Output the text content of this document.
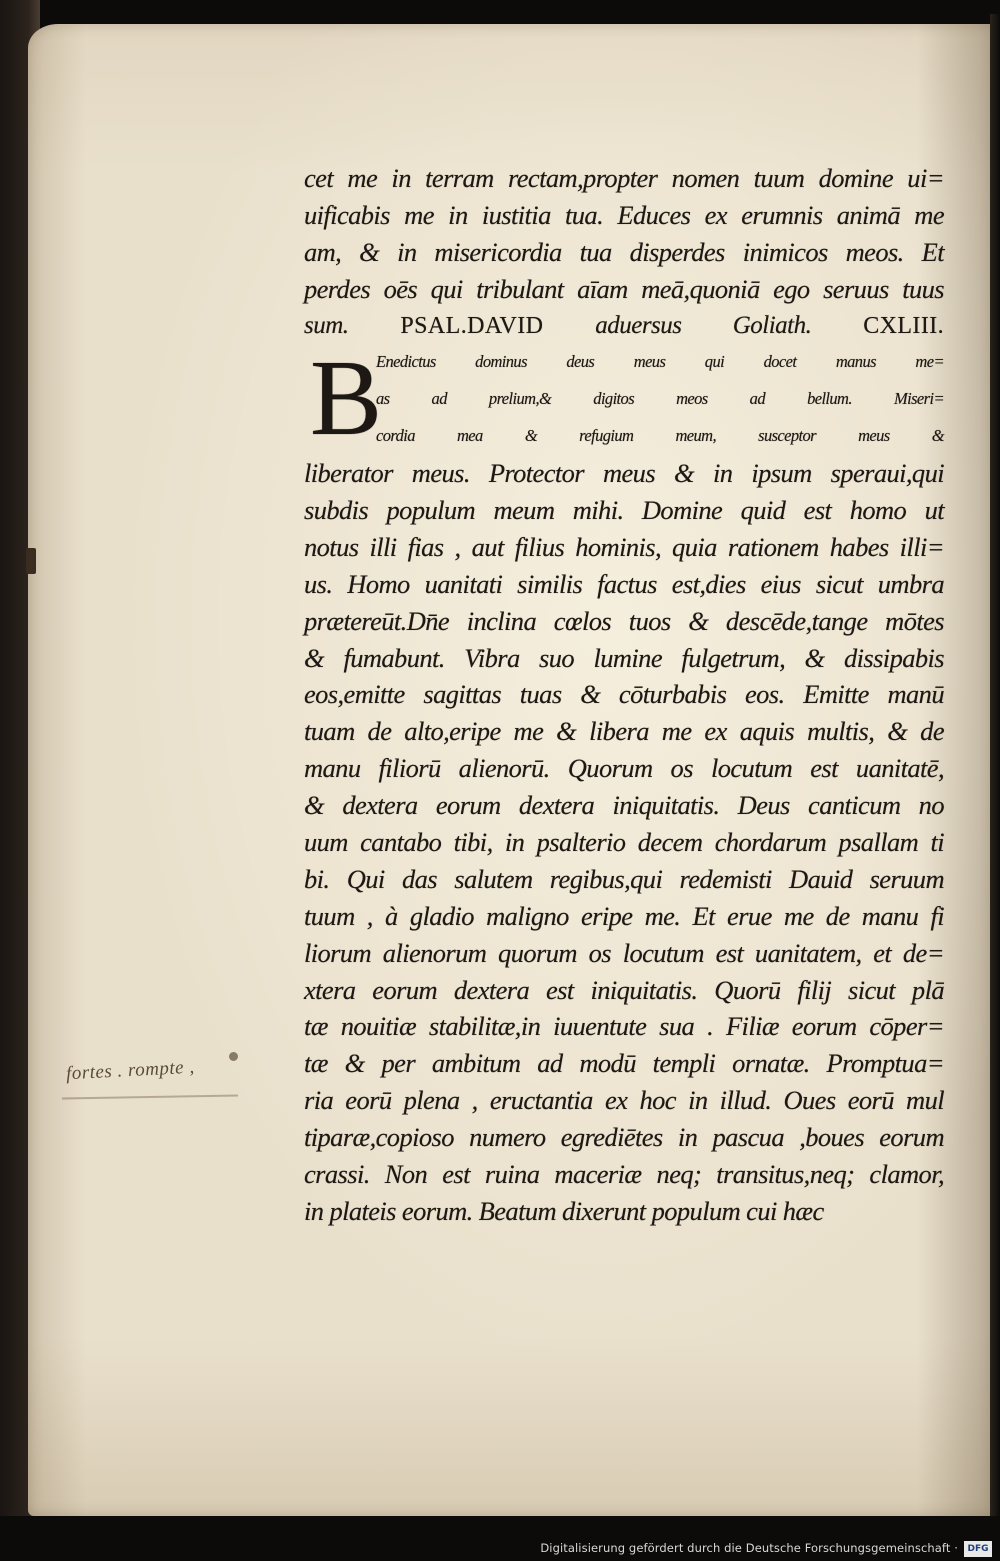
cet me in terram rectam,propter nomen tuum domine ui=
uificabis me in iustitia tua. Educes ex erumnis animā me
am, & in misericordia tua disperdes inimicos meos. Et
perdes oēs qui tribulant aīam meā,quoniā ego seruus tuus
sum. PSAL.DAVID aduersus Goliath. CXLIII.
B
Enedictus dominus deus meus qui docet manus me=
as ad prelium,& digitos meos ad bellum. Miseri=
cordia mea & refugium meum, susceptor meus &
liberator meus. Protector meus & in ipsum speraui,qui
subdis populum meum mihi. Domine quid est homo ut
notus illi fias , aut filius hominis, quia rationem habes illi=
us. Homo uanitati similis factus est,dies eius sicut umbra
prætereūt.Dn̄e inclina cœlos tuos & descēde,tange mōtes
& fumabunt. Vibra suo lumine fulgetrum, & dissipabis
eos,emitte sagittas tuas & cōturbabis eos. Emitte manū
tuam de alto,eripe me & libera me ex aquis multis, & de
manu filiorū alienorū. Quorum os locutum est uanitatē,
& dextera eorum dextera iniquitatis. Deus canticum no
uum cantabo tibi, in psalterio decem chordarum psallam ti
bi. Qui das salutem regibus,qui redemisti Dauid seruum
tuum , à gladio maligno eripe me. Et erue me de manu fi
liorum alienorum quorum os locutum est uanitatem, et de=
xtera eorum dextera est iniquitatis. Quorū filij sicut plā
tæ nouitiæ stabilitæ,in iuuentute sua . Filiæ eorum cōper=
tæ & per ambitum ad modū templi ornatæ. Promptua=
ria eorū plena , eructantia ex hoc in illud. Oues eorū mul
tiparæ,copioso numero egrediētes in pascua ,boues eorum
crassi. Non est ruina maceriæ neq; transitus,neq; clamor,
in plateis eorum. Beatum dixerunt populum cui hæc
fortes . rompte ,
Digitalisierung gefördert durch die Deutsche Forschungsgemeinschaft ·	DFG
